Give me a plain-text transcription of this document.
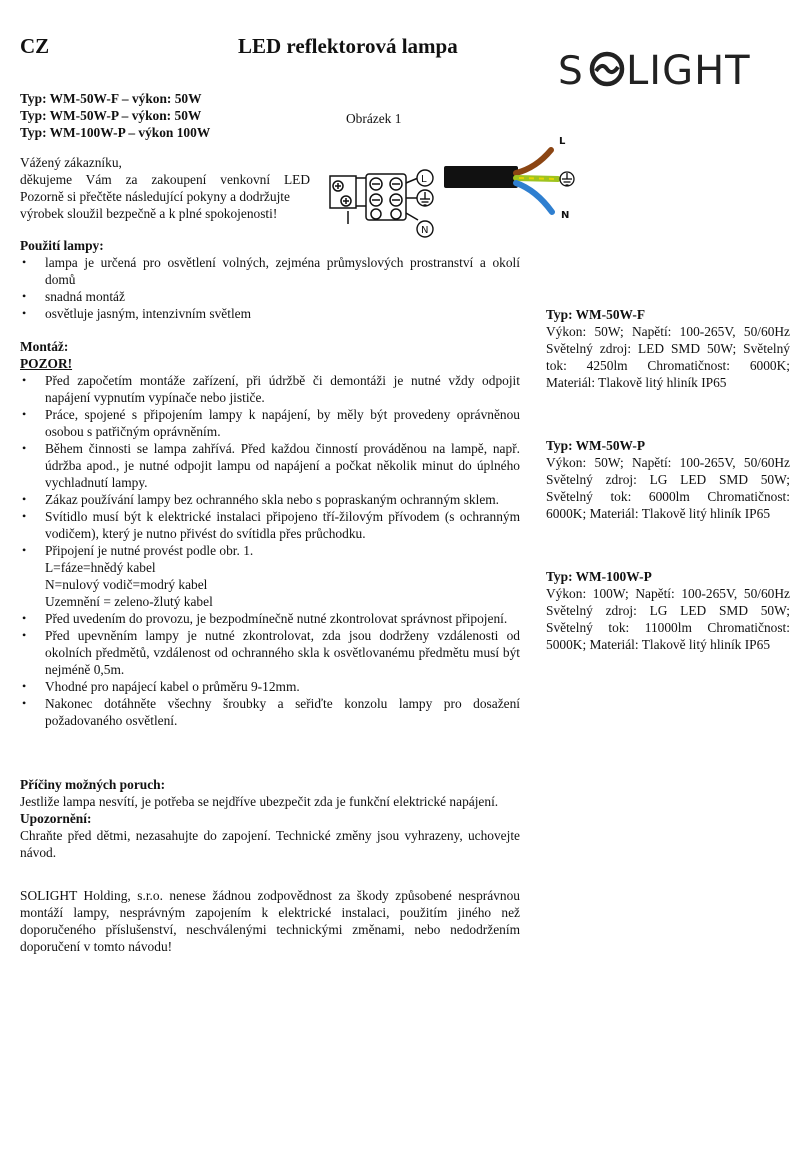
CZ	LED reflektorová lampa
S LIGHT
Typ: WM-50W-F – výkon: 50W
Typ: WM-50W-P – výkon: 50W
Typ: WM-100W-P – výkon 100W
Obrázek 1
L
N
L
N
Vážený zákazníku,
děkujeme Vám za zakoupení venkovní LED
Pozorně si přečtěte následující pokyny a dodržujte
výrobek sloužil bezpečně a k plné spokojenosti!
Použití lampy:
• lampa je určená pro osvětlení volných, zejména průmyslových prostranství a okolí domů
• snadná montáž
• osvětluje jasným, intenzivním světlem
Montáž:
POZOR!
• Před započetím montáže zařízení, při údržbě či demontáži je nutné vždy odpojit napájení vypnutím vypínače nebo jističe.
• Práce, spojené s připojením lampy k napájení, by měly být provedeny oprávněnou osobou s patřičným oprávněním.
• Během činnosti se lampa zahřívá. Před každou činností prováděnou na lampě, např. údržba apod., je nutné odpojit lampu od napájení a počkat několik minut do úplného vychladnutí lampy.
• Zákaz používání lampy bez ochranného skla nebo s popraskaným ochranným sklem.
• Svítidlo musí být k elektrické instalaci připojeno tří-žilovým přívodem (s ochranným vodičem), který je nutno přivést do svítidla přes průchodku.
• Připojení je nutné provést podle obr. 1.
L=fáze=hnědý kabel
N=nulový vodič=modrý kabel
Uzemnění = zeleno-žlutý kabel
• Před uvedením do provozu, je bezpodmínečně nutné zkontrolovat správnost připojení.
• Před upevněním lampy je nutné zkontrolovat, zda jsou dodrženy vzdálenosti od okolních předmětů, vzdálenost od ochranného skla k osvětlovanému předmětu musí být nejméně 0,5m.
• Vhodné pro napájecí kabel o průměru 9-12mm.
• Nakonec dotáhněte všechny šroubky a seřiďte konzolu lampy pro dosažení požadovaného osvětlení.
Příčiny možných poruch:
Jestliže lampa nesvítí, je potřeba se nejdříve ubezpečit zda je funkční elektrické napájení.
Upozornění:
Chraňte před dětmi, nezasahujte do zapojení. Technické změny jsou vyhrazeny, uchovejte návod.
SOLIGHT Holding, s.r.o. nenese žádnou zodpovědnost za škody způsobené nesprávnou montáží lampy, nesprávným zapojením k elektrické instalaci, použitím jiného než doporučeného příslušenství, neschválenými technickými změnami, nebo nedodržením doporučení v tomto návodu!
Typ: WM-50W-F
Výkon: 50W; Napětí: 100-265V, 50/60Hz Světelný zdroj: LED SMD 50W; Světelný tok: 4250lm Chromatičnost: 6000K; Materiál: Tlakově litý hliník IP65
Typ: WM-50W-P
Výkon: 50W; Napětí: 100-265V, 50/60Hz Světelný zdroj: LG LED SMD 50W; Světelný tok: 6000lm Chromatičnost: 6000K; Materiál: Tlakově litý hliník IP65
Typ: WM-100W-P
Výkon: 100W; Napětí: 100-265V, 50/60Hz Světelný zdroj: LG LED SMD 50W; Světelný tok: 11000lm Chromatičnost: 5000K; Materiál: Tlakově litý hliník IP65
